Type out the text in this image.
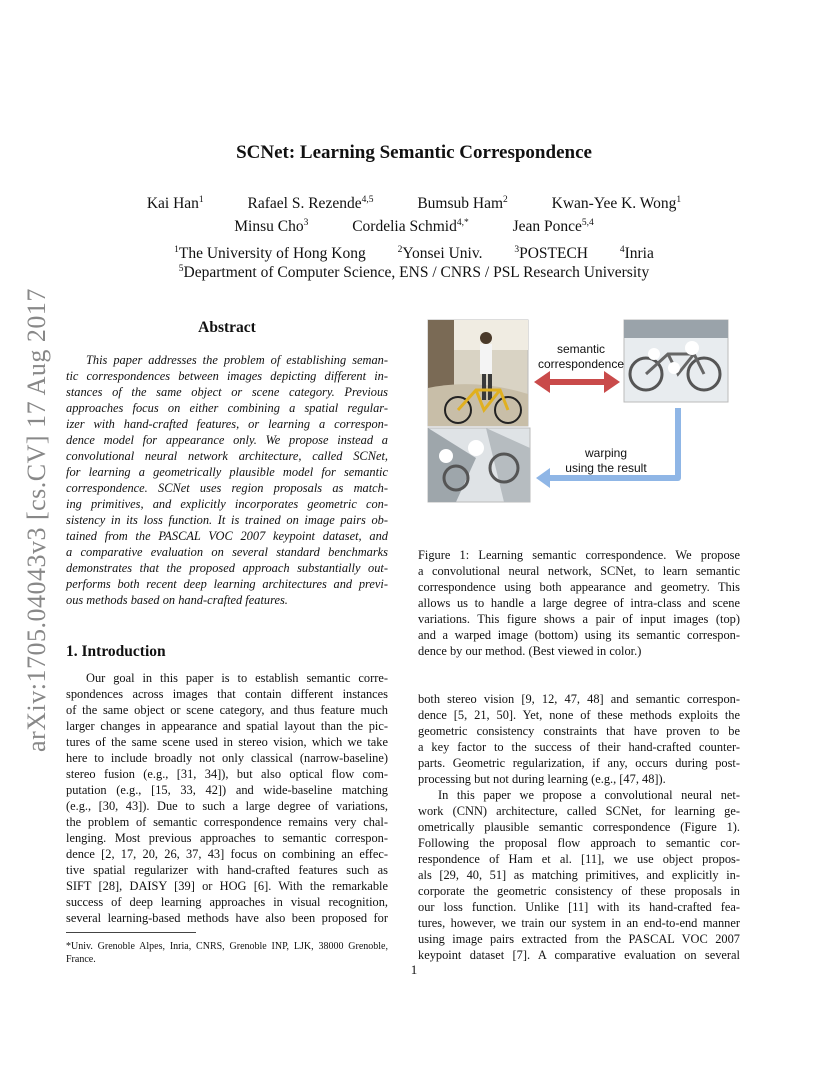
arXiv:1705.04043v3 [cs.CV] 17 Aug 2017
SCNet: Learning Semantic Correspondence
Kai Han$^1$	Rafael S. Rezende$^{4,5}$	Bumsub Ham$^2$	Kwan-Yee K. Wong$^1$
Minsu Cho$^3$	Cordelia Schmid$^{4,*}$	Jean Ponce$^{5,4}$
$^1$The University of Hong Kong	$^2$Yonsei Univ.	$^3$POSTECH	$^4$Inria
$^5$Department of Computer Science, ENS / CNRS / PSL Research University
Abstract
This paper addresses the problem of establishing seman-
tic correspondences between images depicting different in-
stances of the same object or scene category. Previous
approaches focus on either combining a spatial regular-
izer with hand-crafted features, or learning a correspon-
dence model for appearance only. We propose instead a
convolutional neural network architecture, called SCNet,
for learning a geometrically plausible model for semantic
correspondence. SCNet uses region proposals as match-
ing primitives, and explicitly incorporates geometric con-
sistency in its loss function. It is trained on image pairs ob-
tained from the PASCAL VOC 2007 keypoint dataset, and
a comparative evaluation on several standard benchmarks
demonstrates that the proposed approach substantially out-
performs both recent deep learning architectures and previ-
ous methods based on hand-crafted features.
1. Introduction
Our goal in this paper is to establish semantic corre-
spondences across images that contain different instances
of the same object or scene category, and thus feature much
larger changes in appearance and spatial layout than the pic-
tures of the same scene used in stereo vision, which we take
here to include broadly not only classical (narrow-baseline)
stereo fusion (e.g., [31, 34]), but also optical flow com-
putation (e.g., [15, 33, 42]) and wide-baseline matching
(e.g., [30, 43]). Due to such a large degree of variations,
the problem of semantic correspondence remains very chal-
lenging. Most previous approaches to semantic correspon-
dence [2, 17, 20, 26, 37, 43] focus on combining an effec-
tive spatial regularizer with hand-crafted features such as
SIFT [28], DAISY [39] or HOG [6]. With the remarkable
success of deep learning approaches in visual recognition,
several learning-based methods have also been proposed for
*Univ. Grenoble Alpes, Inria, CNRS, Grenoble INP, LJK, 38000 Grenoble, France.
semantic
correspondence
warping
using the result
Figure 1: Learning semantic correspondence. We propose
a convolutional neural network, SCNet, to learn semantic
correspondence using both appearance and geometry. This
allows us to handle a large degree of intra-class and scene
variations. This figure shows a pair of input images (top)
and a warped image (bottom) using its semantic correspon-
dence by our method. (Best viewed in color.)
both stereo vision [9, 12, 47, 48] and semantic correspon-
dence [5, 21, 50]. Yet, none of these methods exploits the
geometric consistency constraints that have proven to be
a key factor to the success of their hand-crafted counter-
parts. Geometric regularization, if any, occurs during post-
processing but not during learning (e.g., [47, 48]).
In this paper we propose a convolutional neural net-
work (CNN) architecture, called SCNet, for learning ge-
ometrically plausible semantic correspondence (Figure 1).
Following the proposal flow approach to semantic cor-
respondence of Ham et al. [11], we use object propos-
als [29, 40, 51] as matching primitives, and explicitly in-
corporate the geometric consistency of these proposals in
our loss function. Unlike [11] with its hand-crafted fea-
tures, however, we train our system in an end-to-end manner
using image pairs extracted from the PASCAL VOC 2007
keypoint dataset [7]. A comparative evaluation on several
1
